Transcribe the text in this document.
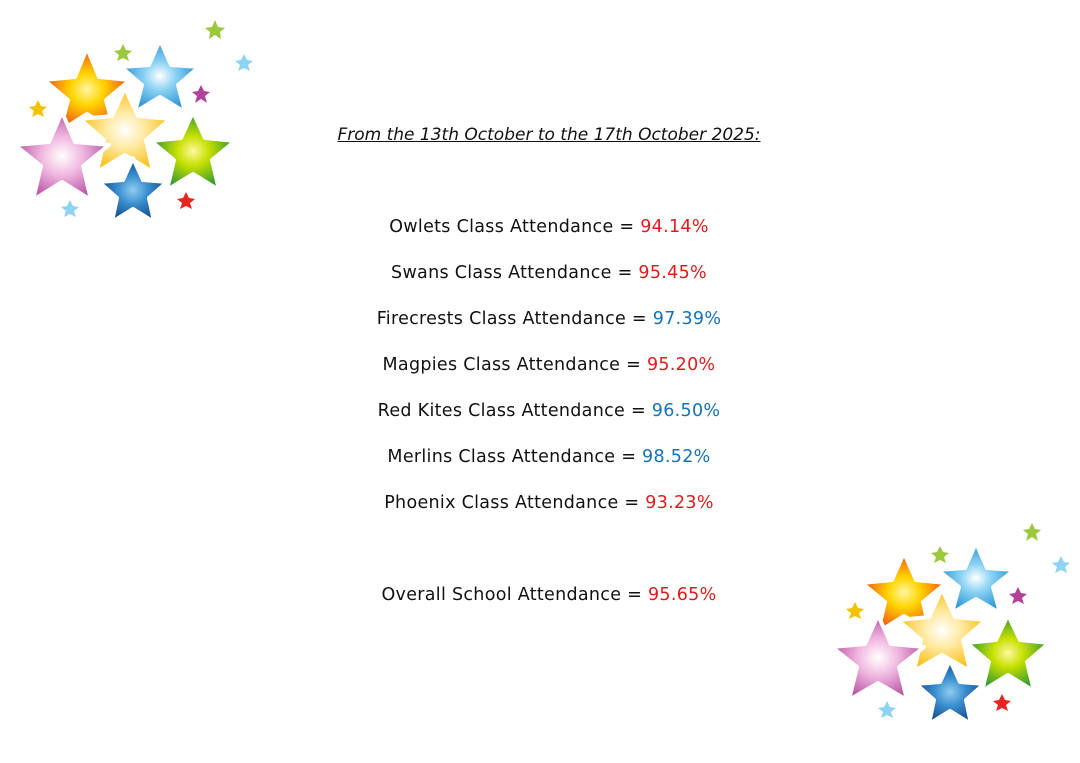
From the 13th October to the 17th October 2025:
Owlets Class Attendance = 94.14%
Swans Class Attendance = 95.45%
Firecrests Class Attendance = 97.39%
Magpies Class Attendance = 95.20%
Red Kites Class Attendance = 96.50%
Merlins Class Attendance = 98.52%
Phoenix Class Attendance = 93.23%
Overall School Attendance = 95.65%
